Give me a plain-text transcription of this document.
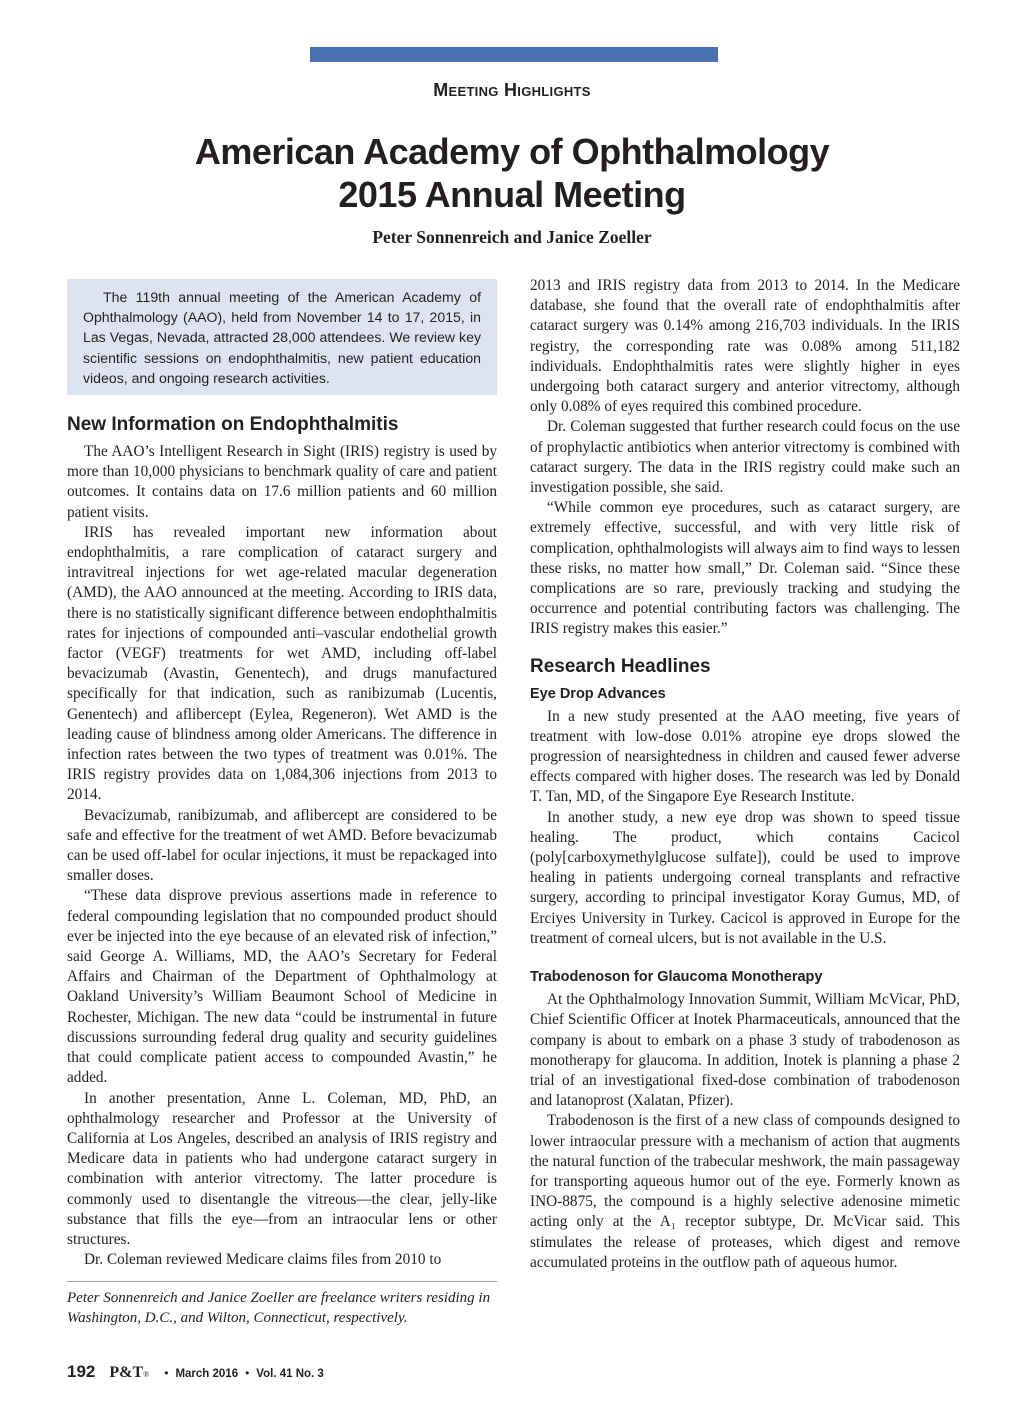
Meeting Highlights
American Academy of Ophthalmology
2015 Annual Meeting
Peter Sonnenreich and Janice Zoeller

The 119th annual meeting of the American Academy of Ophthalmology (AAO), held from November 14 to 17, 2015, in Las Vegas, Nevada, attracted 28,000 attendees. We review key scientific sessions on endophthalmitis, new patient education videos, and ongoing research activities.

New Information on Endophthalmitis

The AAO’s Intelligent Research in Sight (IRIS) registry is used by more than 10,000 physicians to benchmark quality of care and patient outcomes. It contains data on 17.6 million patients and 60 million patient visits.

IRIS has revealed important new information about endophthalmitis, a rare complication of cataract surgery and intravitreal injections for wet age-related macular degeneration (AMD), the AAO announced at the meeting. According to IRIS data, there is no statistically significant difference between endophthalmitis rates for injections of compounded anti–vascular endothelial growth factor (VEGF) treatments for wet AMD, including off-label bevacizumab (Avastin, Genentech), and drugs manufactured specifically for that indication, such as ranibizumab (Lucentis, Genentech) and aflibercept (Eylea, Regeneron). Wet AMD is the leading cause of blindness among older Americans. The difference in infection rates between the two types of treatment was 0.01%. The IRIS registry provides data on 1,084,306 injections from 2013 to 2014.

Bevacizumab, ranibizumab, and aflibercept are considered to be safe and effective for the treatment of wet AMD. Before bevacizumab can be used off-label for ocular injections, it must be repackaged into smaller doses.

“These data disprove previous assertions made in reference to federal compounding legislation that no compounded product should ever be injected into the eye because of an elevated risk of infection,” said George A. Williams, MD, the AAO’s Secretary for Federal Affairs and Chairman of the Department of Ophthalmology at Oakland University’s William Beaumont School of Medicine in Rochester, Michigan. The new data “could be instrumental in future discussions surrounding federal drug quality and security guidelines that could complicate patient access to compounded Avastin,” he added.

In another presentation, Anne L. Coleman, MD, PhD, an ophthalmology researcher and Professor at the University of California at Los Angeles, described an analysis of IRIS registry and Medicare data in patients who had undergone cataract surgery in combination with anterior vitrectomy. The latter procedure is commonly used to disentangle the vitreous—the clear, jelly-like substance that fills the eye—from an intraocular lens or other structures.

Dr. Coleman reviewed Medicare claims files from 2010 to

2013 and IRIS registry data from 2013 to 2014. In the Medicare database, she found that the overall rate of endophthalmitis after cataract surgery was 0.14% among 216,703 individuals. In the IRIS registry, the corresponding rate was 0.08% among 511,182 individuals. Endophthalmitis rates were slightly higher in eyes undergoing both cataract surgery and anterior vitrectomy, although only 0.08% of eyes required this combined procedure.

Dr. Coleman suggested that further research could focus on the use of prophylactic antibiotics when anterior vitrectomy is combined with cataract surgery. The data in the IRIS registry could make such an investigation possible, she said.

“While common eye procedures, such as cataract surgery, are extremely effective, successful, and with very little risk of complication, ophthalmologists will always aim to find ways to lessen these risks, no matter how small,” Dr. Coleman said. “Since these complications are so rare, previously tracking and studying the occurrence and potential contributing factors was challenging. The IRIS registry makes this easier.”

Research Headlines
Eye Drop Advances

In a new study presented at the AAO meeting, five years of treatment with low-dose 0.01% atropine eye drops slowed the progression of nearsightedness in children and caused fewer adverse effects compared with higher doses. The research was led by Donald T. Tan, MD, of the Singapore Eye Research Institute.

In another study, a new eye drop was shown to speed tissue healing. The product, which contains Cacicol (poly[carboxymethylglucose sulfate]), could be used to improve healing in patients undergoing corneal transplants and refractive surgery, according to principal investigator Koray Gumus, MD, of Erciyes University in Turkey. Cacicol is approved in Europe for the treatment of corneal ulcers, but is not available in the U.S.

Trabodenoson for Glaucoma Monotherapy

At the Ophthalmology Innovation Summit, William McVicar, PhD, Chief Scientific Officer at Inotek Pharmaceuticals, announced that the company is about to embark on a phase 3 study of trabodenoson as monotherapy for glaucoma. In addition, Inotek is planning a phase 2 trial of an investigational fixed-dose combination of trabodenoson and latanoprost (Xalatan, Pfizer).

Trabodenoson is the first of a new class of compounds designed to lower intraocular pressure with a mechanism of action that augments the natural function of the trabecular meshwork, the main passageway for transporting aqueous humor out of the eye. Formerly known as INO-8875, the compound is a highly selective adenosine mimetic acting only at the A₁ receptor subtype, Dr. McVicar said. This stimulates the release of proteases, which digest and remove accumulated proteins in the outflow path of aqueous humor.

Peter Sonnenreich and Janice Zoeller are freelance writers residing in Washington, D.C., and Wilton, Connecticut, respectively.
192 P&T ® • March 2016 • Vol. 41 No. 3
